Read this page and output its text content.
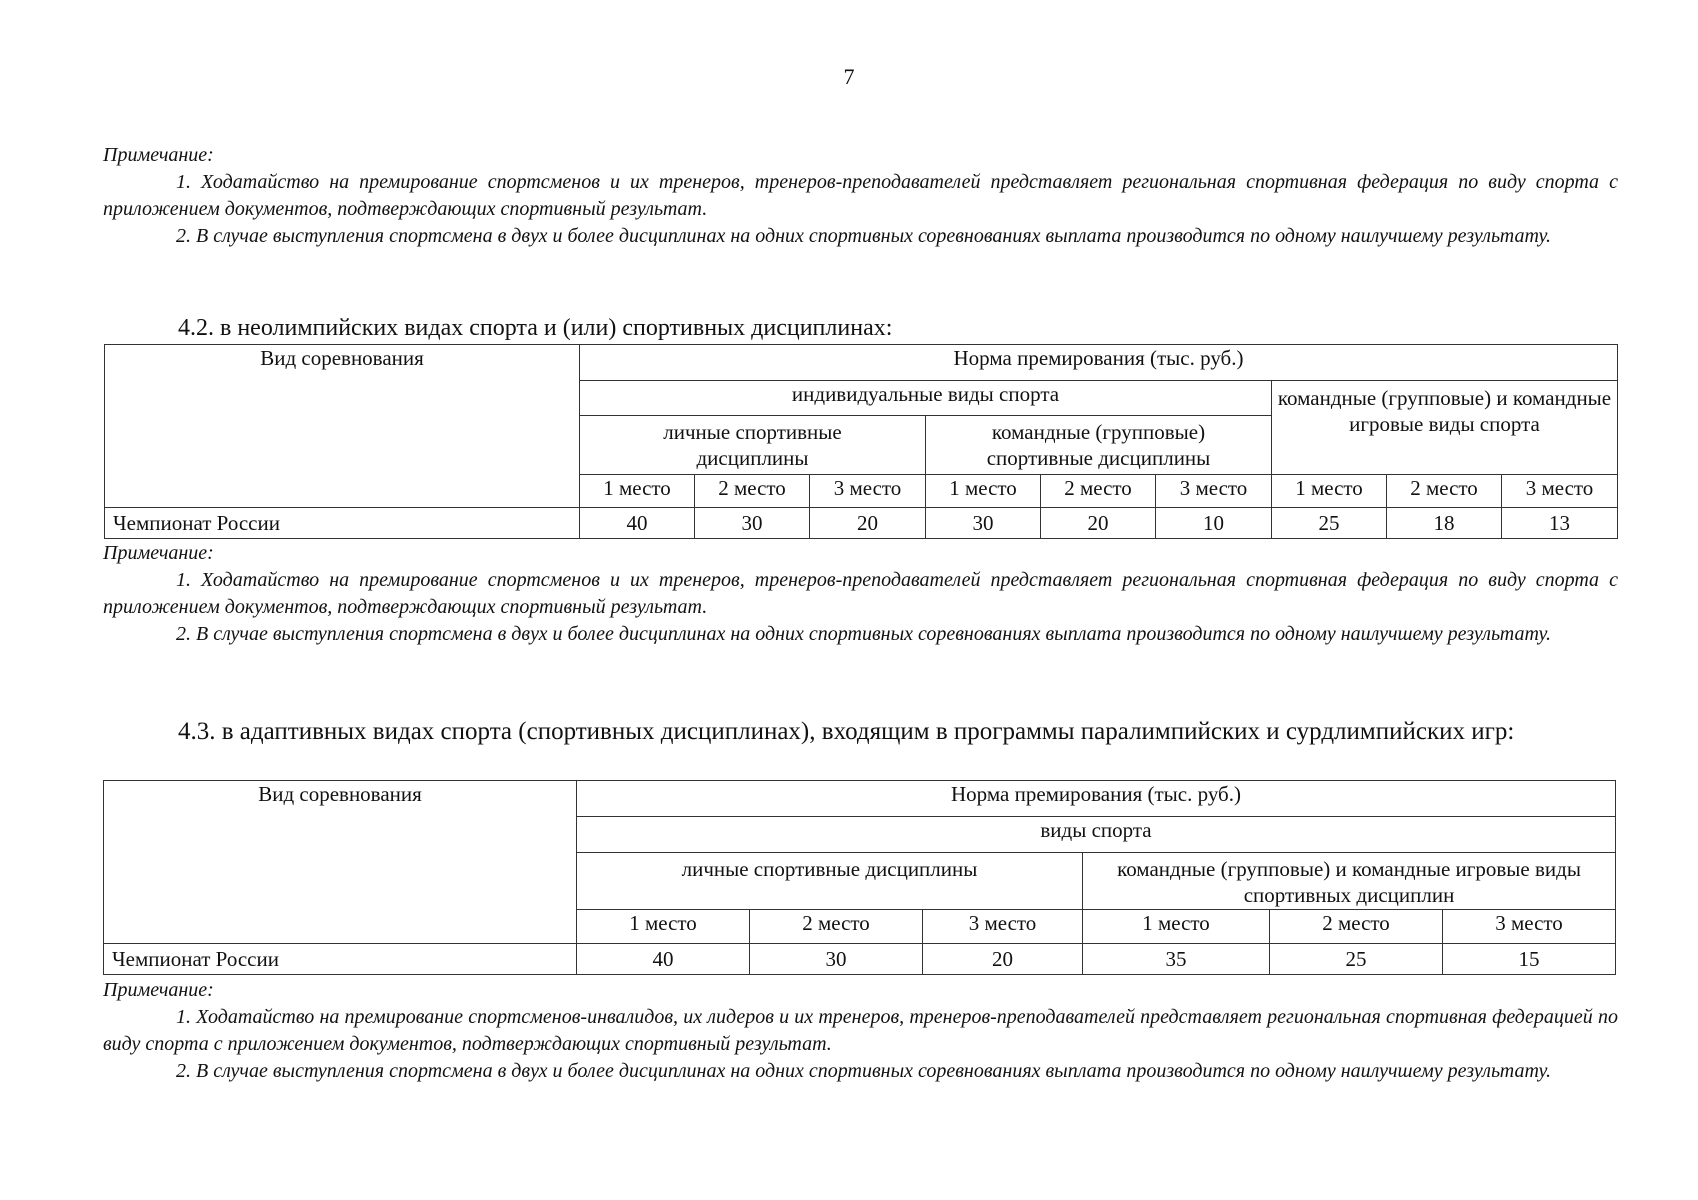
7
Примечание:
1. Ходатайство на премирование спортсменов и их тренеров, тренеров-преподавателей представляет региональная спортивная федерация по виду спорта с приложением документов, подтверждающих спортивный результат.
2. В случае выступления спортсмена в двух и более дисциплинах на одних спортивных соревнованиях выплата производится по одному наилучшему результату.
4.2. в неолимпийских видах спорта и (или) спортивных дисциплинах:
Вид соревнования	Норма премирования (тыс. руб.)								
	индивидуальные виды спорта						командные (групповые) и командные игровые виды спорта		
	личные спортивные дисциплины			командные (групповые) спортивные дисциплины					
	1 место	2 место	3 место	1 место	2 место	3 место	1 место	2 место	3 место
Чемпионат России	40	30	20	30	20	10	25	18	13
Примечание:
1. Ходатайство на премирование спортсменов и их тренеров, тренеров-преподавателей представляет региональная спортивная федерация по виду спорта с приложением документов, подтверждающих спортивный результат.
2. В случае выступления спортсмена в двух и более дисциплинах на одних спортивных соревнованиях выплата производится по одному наилучшему результату.
4.3. в адаптивных видах спорта (спортивных дисциплинах), входящим в программы паралимпийских и сурдлимпийских игр:
Вид соревнования	Норма премирования (тыс. руб.)					
	виды спорта					
	личные спортивные дисциплины			командные (групповые) и командные игровые виды спортивных дисциплин		
	1 место	2 место	3 место	1 место	2 место	3 место
Чемпионат России	40	30	20	35	25	15
Примечание:
1. Ходатайство на премирование спортсменов-инвалидов, их лидеров и их тренеров, тренеров-преподавателей представляет региональная спортивная федерацией по виду спорта с приложением документов, подтверждающих спортивный результат.
2. В случае выступления спортсмена в двух и более дисциплинах на одних спортивных соревнованиях выплата производится по одному наилучшему результату.
